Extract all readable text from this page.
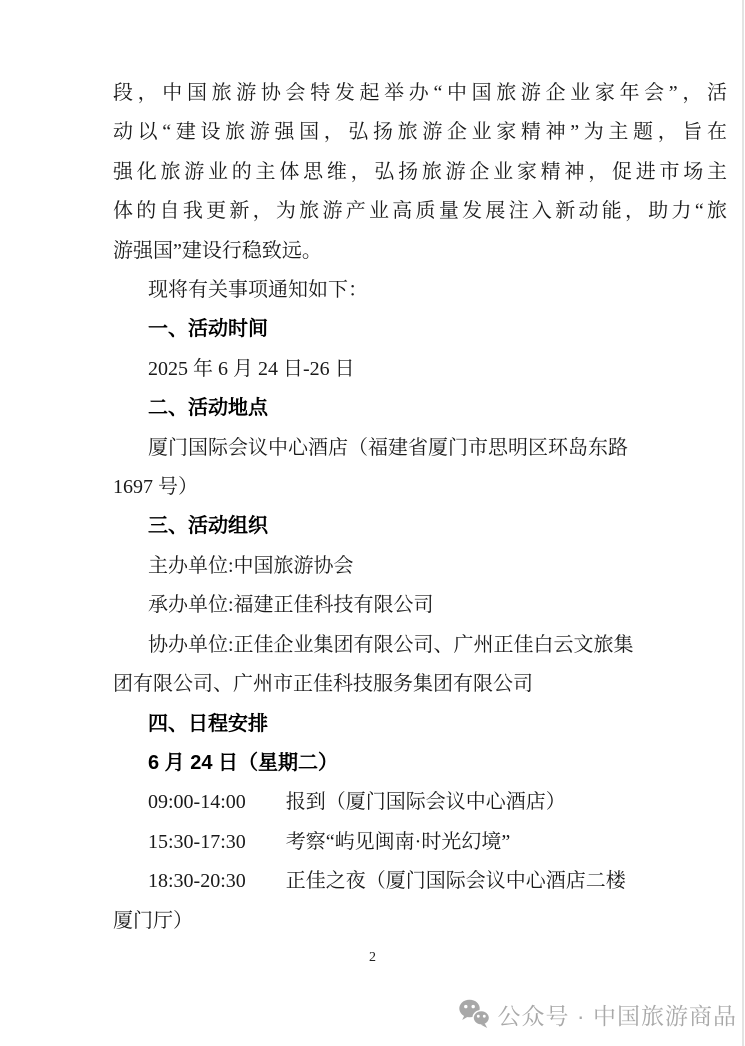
段，中国旅游协会特发起举办“中国旅游企业家年会”，活
动以“建设旅游强国，弘扬旅游企业家精神”为主题，旨在
强化旅游业的主体思维，弘扬旅游企业家精神，促进市场主
体的自我更新，为旅游产业高质量发展注入新动能，助力“旅
游强国”建设行稳致远。
现将有关事项通知如下：
一、活动时间
2025 年 6 月 24 日-26 日
二、活动地点
厦门国际会议中心酒店（福建省厦门市思明区环岛东路
1697 号）
三、活动组织
主办单位:中国旅游协会
承办单位:福建正佳科技有限公司
协办单位:正佳企业集团有限公司、广州正佳白云文旅集
团有限公司、广州市正佳科技服务集团有限公司
四、日程安排
6 月 24 日（星期二）
09:00-14:00 报到（厦门国际会议中心酒店）
15:30-17:30 考察“屿见闽南·时光幻境”
18:30-20:30 正佳之夜（厦门国际会议中心酒店二楼
厦门厅）
2
公众号 · 中国旅游商品
